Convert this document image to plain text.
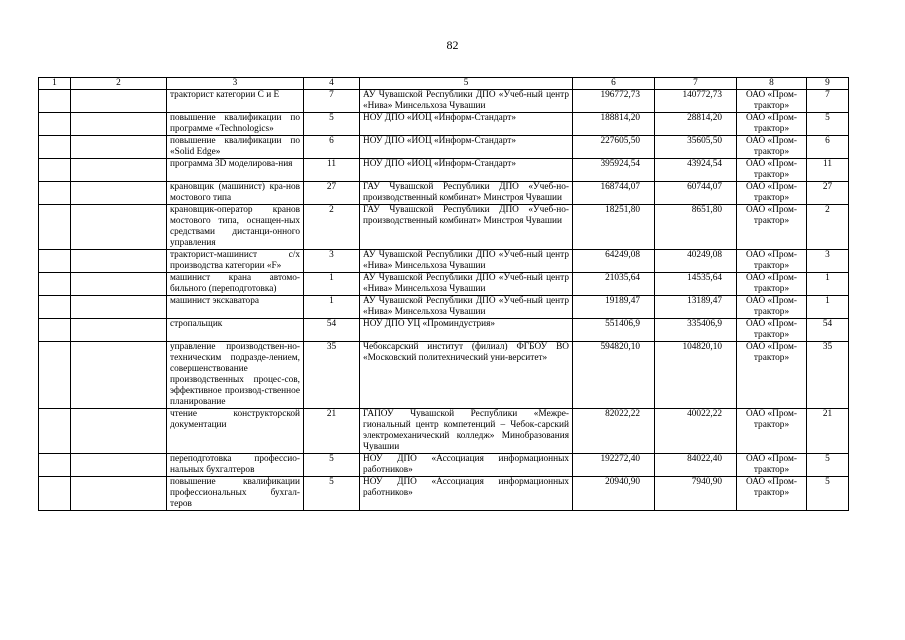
82
1	2	3	4	5	6	7	8	9
		тракторист категории С и Е	7	АУ Чувашской Республики ДПО «Учеб-ный центр «Нива» Минсельхоза Чувашии	196772,73	140772,73	ОАО «Пром-трактор»	7
		повышение квалификации по программе «Technologics»	5	НОУ ДПО «ИОЦ «Информ-Стандарт»	188814,20	28814,20	ОАО «Пром-трактор»	5
		повышение квалификации по «Solid Edge»	6	НОУ ДПО «ИОЦ «Информ-Стандарт»	227605,50	35605,50	ОАО «Пром-трактор»	6
		программа 3D моделирова-ния	11	НОУ ДПО «ИОЦ «Информ-Стандарт»	395924,54	43924,54	ОАО «Пром-трактор»	11
		крановщик (машинист) кра-нов мостового типа	27	ГАУ Чувашской Республики ДПО «Учеб-но-производственный комбинат» Минстроя Чувашии	168744,07	60744,07	ОАО «Пром-трактор»	27
		крановщик-оператор кранов мостового типа, оснащен-ных средствами дистанци-онного управления	2	ГАУ Чувашской Республики ДПО «Учеб-но-производственный комбинат» Минстроя Чувашии	18251,80	8651,80	ОАО «Пром-трактор»	2
		тракторист-машинист с/х производства категории «F»	3	АУ Чувашской Республики ДПО «Учеб-ный центр «Нива» Минсельхоза Чувашии	64249,08	40249,08	ОАО «Пром-трактор»	3
		машинист крана автомо-бильного (переподготовка)	1	АУ Чувашской Республики ДПО «Учеб-ный центр «Нива» Минсельхоза Чувашии	21035,64	14535,64	ОАО «Пром-трактор»	1
		машинист экскаватора	1	АУ Чувашской Республики ДПО «Учеб-ный центр «Нива» Минсельхоза Чувашии	19189,47	13189,47	ОАО «Пром-трактор»	1
		стропальщик	54	НОУ ДПО УЦ «Проминдустрия»	551406,9	335406,9	ОАО «Пром-трактор»	54
		управление производствен-но-техническим подразде-лением, совершенствование производственных процес-сов, эффективное производ-ственное планирование	35	Чебоксарский институт (филиал) ФГБОУ ВО «Московский политехнический уни-верситет»	594820,10	104820,10	ОАО «Пром-трактор»	35
		чтение конструкторской документации	21	ГАПОУ Чувашской Республики «Межре-гиональный центр компетенций – Чебок-сарский электромеханический колледж» Минобразования Чувашии	82022,22	40022,22	ОАО «Пром-трактор»	21
		переподготовка профессио-нальных бухгалтеров	5	НОУ ДПО «Ассоциация информационных работников»	192272,40	84022,40	ОАО «Пром-трактор»	5
		повышение квалификации профессиональных бухгал-теров	5	НОУ ДПО «Ассоциация информационных работников»	20940,90	7940,90	ОАО «Пром-трактор»	5
